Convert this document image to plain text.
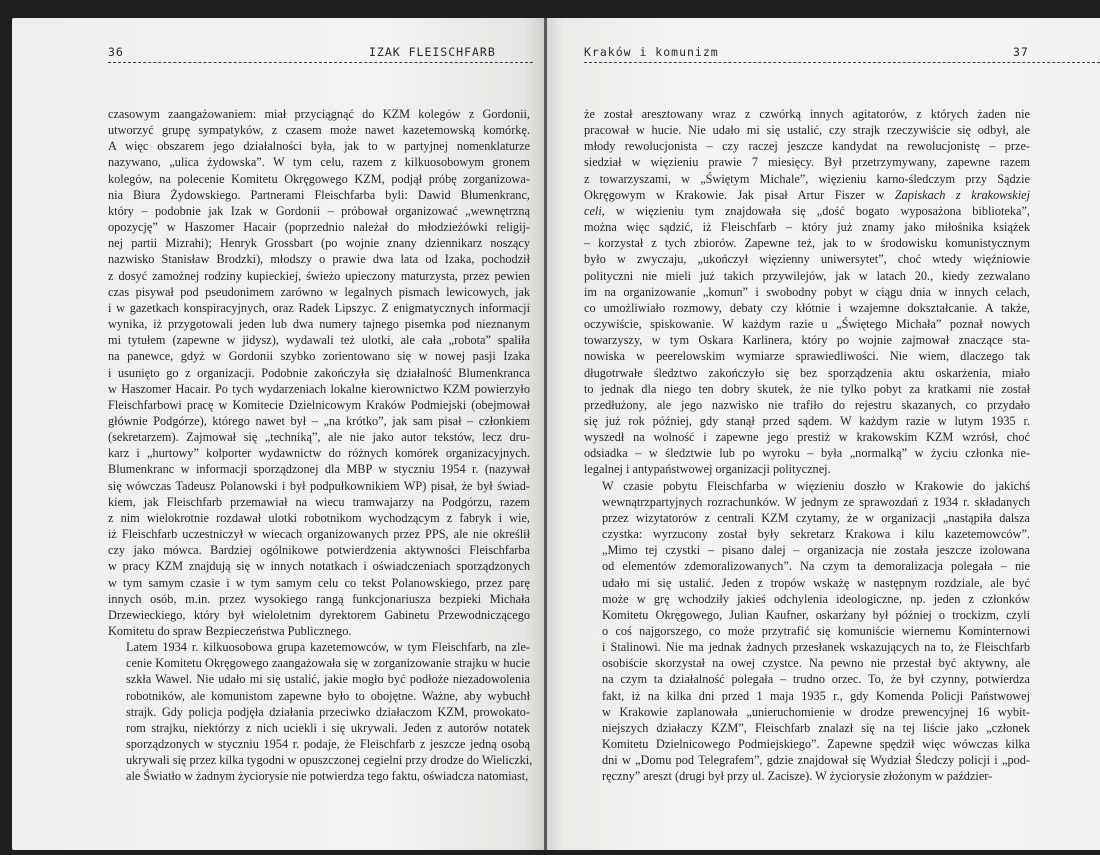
36	IZAK FLEISCHFARB

czasowym zaangażowaniem: miał przyciągnąć do KZM kolegów z Gordonii,
utworzyć grupę sympatyków, z czasem może nawet kazetemowską komórkę.
A więc obszarem jego działalności była, jak to w partyjnej nomenklaturze
nazywano, „ulica żydowska”. W tym celu, razem z kilkuosobowym gronem
kolegów, na polecenie Komitetu Okręgowego KZM, podjął próbę zorganizowa-
nia Biura Żydowskiego. Partnerami Fleischfarba byli: Dawid Blumenkranc,
który – podobnie jak Izak w Gordonii – próbował organizować „wewnętrzną
opozycję” w Haszomer Hacair (poprzednio należał do młodzieżówki religij-
nej partii Mizrahi); Henryk Grossbart (po wojnie znany dziennikarz noszący
nazwisko Stanisław Brodzki), młodszy o prawie dwa lata od Izaka, pochodził
z dosyć zamożnej rodziny kupieckiej, świeżo upieczony maturzysta, przez pewien
czas pisywał pod pseudonimem zarówno w legalnych pismach lewicowych, jak
i w gazetkach konspiracyjnych, oraz Radek Lipszyc. Z enigmatycznych informacji
wynika, iż przygotowali jeden lub dwa numery tajnego pisemka pod nieznanym
mi tytułem (zapewne w jidysz), wydawali też ulotki, ale cała „robota” spaliła
na panewce, gdyż w Gordonii szybko zorientowano się w nowej pasji Izaka
i usunięto go z organizacji. Podobnie zakończyła się działalność Blumenkranca
w Haszomer Hacair. Po tych wydarzeniach lokalne kierownictwo KZM powierzyło
Fleischfarbowi pracę w Komitecie Dzielnicowym Kraków Podmiejski (obejmował
głównie Podgórze), którego nawet był – „na krótko”, jak sam pisał – członkiem
(sekretarzem). Zajmował się „techniką”, ale nie jako autor tekstów, lecz dru-
karz i „hurtowy” kolporter wydawnictw do różnych komórek organizacyjnych.
Blumenkranc w informacji sporządzonej dla MBP w styczniu 1954 r. (nazywał
się wówczas Tadeusz Polanowski i był podpułkownikiem WP) pisał, że był świad-
kiem, jak Fleischfarb przemawiał na wiecu tramwajarzy na Podgórzu, razem
z nim wielokrotnie rozdawał ulotki robotnikom wychodzącym z fabryk i wie,
iż Fleischfarb uczestniczył w wiecach organizowanych przez PPS, ale nie określił
czy jako mówca. Bardziej ogólnikowe potwierdzenia aktywności Fleischfarba
w pracy KZM znajdują się w innych notatkach i oświadczeniach sporządzonych
w tym samym czasie i w tym samym celu co tekst Polanowskiego, przez parę
innych osób, m.in. przez wysokiego rangą funkcjonariusza bezpieki Michała
Drzewieckiego, który był wieloletnim dyrektorem Gabinetu Przewodniczącego
Komitetu do spraw Bezpieczeństwa Publicznego.

Latem 1934 r. kilkuosobowa grupa kazetemowców, w tym Fleischfarb, na zle-
cenie Komitetu Okręgowego zaangażowała się w zorganizowanie strajku w hucie
szkła Wawel. Nie udało mi się ustalić, jakie mogło być podłoże niezadowolenia
robotników, ale komunistom zapewne było to obojętne. Ważne, aby wybuchł
strajk. Gdy policja podjęła działania przeciwko działaczom KZM, prowokato-
rom strajku, niektórzy z nich uciekli i się ukrywali. Jeden z autorów notatek
sporządzonych w styczniu 1954 r. podaje, że Fleischfarb z jeszcze jedną osobą
ukrywali się przez kilka tygodni w opuszczonej cegielni przy drodze do Wieliczki,
ale Światło w żadnym życiorysie nie potwierdza tego faktu, oświadcza natomiast,

Kraków i komunizm	37

że został aresztowany wraz z czwórką innych agitatorów, z których żaden nie
pracował w hucie. Nie udało mi się ustalić, czy strajk rzeczywiście się odbył, ale
młody rewolucjonista – czy raczej jeszcze kandydat na rewolucjonistę – prze-
siedział w więzieniu prawie 7 miesięcy. Był przetrzymywany, zapewne razem
z towarzyszami, w „Świętym Michale”, więzieniu karno-śledczym przy Sądzie
Okręgowym w Krakowie. Jak pisał Artur Fiszer w Zapiskach z krakowskiej
celi, w więzieniu tym znajdowała się „dość bogato wyposażona biblioteka”,
można więc sądzić, iż Fleischfarb – który już znamy jako miłośnika książek
– korzystał z tych zbiorów. Zapewne też, jak to w środowisku komunistycznym
było w zwyczaju, „ukończył więzienny uniwersytet”, choć wtedy więźniowie
polityczni nie mieli już takich przywilejów, jak w latach 20., kiedy zezwalano
im na organizowanie „komun” i swobodny pobyt w ciągu dnia w innych celach,
co umożliwiało rozmowy, debaty czy kłótnie i wzajemne dokształcanie. A także,
oczywiście, spiskowanie. W każdym razie u „Świętego Michała” poznał nowych
towarzyszy, w tym Oskara Karlinera, który po wojnie zajmował znaczące sta-
nowiska w peerelowskim wymiarze sprawiedliwości. Nie wiem, dlaczego tak
długotrwałe śledztwo zakończyło się bez sporządzenia aktu oskarżenia, miało
to jednak dla niego ten dobry skutek, że nie tylko pobyt za kratkami nie został
przedłużony, ale jego nazwisko nie trafiło do rejestru skazanych, co przydało
się już rok później, gdy stanął przed sądem. W każdym razie w lutym 1935 r.
wyszedł na wolność i zapewne jego prestiż w krakowskim KZM wzrósł, choć
odsiadka – w śledztwie lub po wyroku – była „normalką” w życiu członka nie-
legalnej i antypaństwowej organizacji politycznej.

W czasie pobytu Fleischfarba w więzieniu doszło w Krakowie do jakichś
wewnątrzpartyjnych rozrachunków. W jednym ze sprawozdań z 1934 r. składanych
przez wizytatorów z centrali KZM czytamy, że w organizacji „nastąpiła dalsza
czystka: wyrzucony został były sekretarz Krakowa i kilu kazetemowców”.
„Mimo tej czystki – pisano dalej – organizacja nie została jeszcze izolowana
od elementów zdemoralizowanych”. Na czym ta demoralizacja polegała – nie
udało mi się ustalić. Jeden z tropów wskażę w następnym rozdziale, ale być
może w grę wchodziły jakieś odchylenia ideologiczne, np. jeden z członków
Komitetu Okręgowego, Julian Kaufner, oskarżany był później o trockizm, czyli
o coś najgorszego, co może przytrafić się komuniście wiernemu Kominternowi
i Stalinowi. Nie ma jednak żadnych przesłanek wskazujących na to, że Fleischfarb
osobiście skorzystał na owej czystce. Na pewno nie przestał być aktywny, ale
na czym ta działalność polegała – trudno orzec. To, że był czynny, potwierdza
fakt, iż na kilka dni przed 1 maja 1935 r., gdy Komenda Policji Państwowej
w Krakowie zaplanowała „unieruchomienie w drodze prewencyjnej 16 wybit-
niejszych działaczy KZM”, Fleischfarb znalazł się na tej liście jako „członek
Komitetu Dzielnicowego Podmiejskiego”. Zapewne spędził więc wówczas kilka
dni w „Domu pod Telegrafem”, gdzie znajdował się Wydział Śledczy policji i „pod-
ręczny” areszt (drugi był przy ul. Zacisze). W życiorysie złożonym w paździer-
